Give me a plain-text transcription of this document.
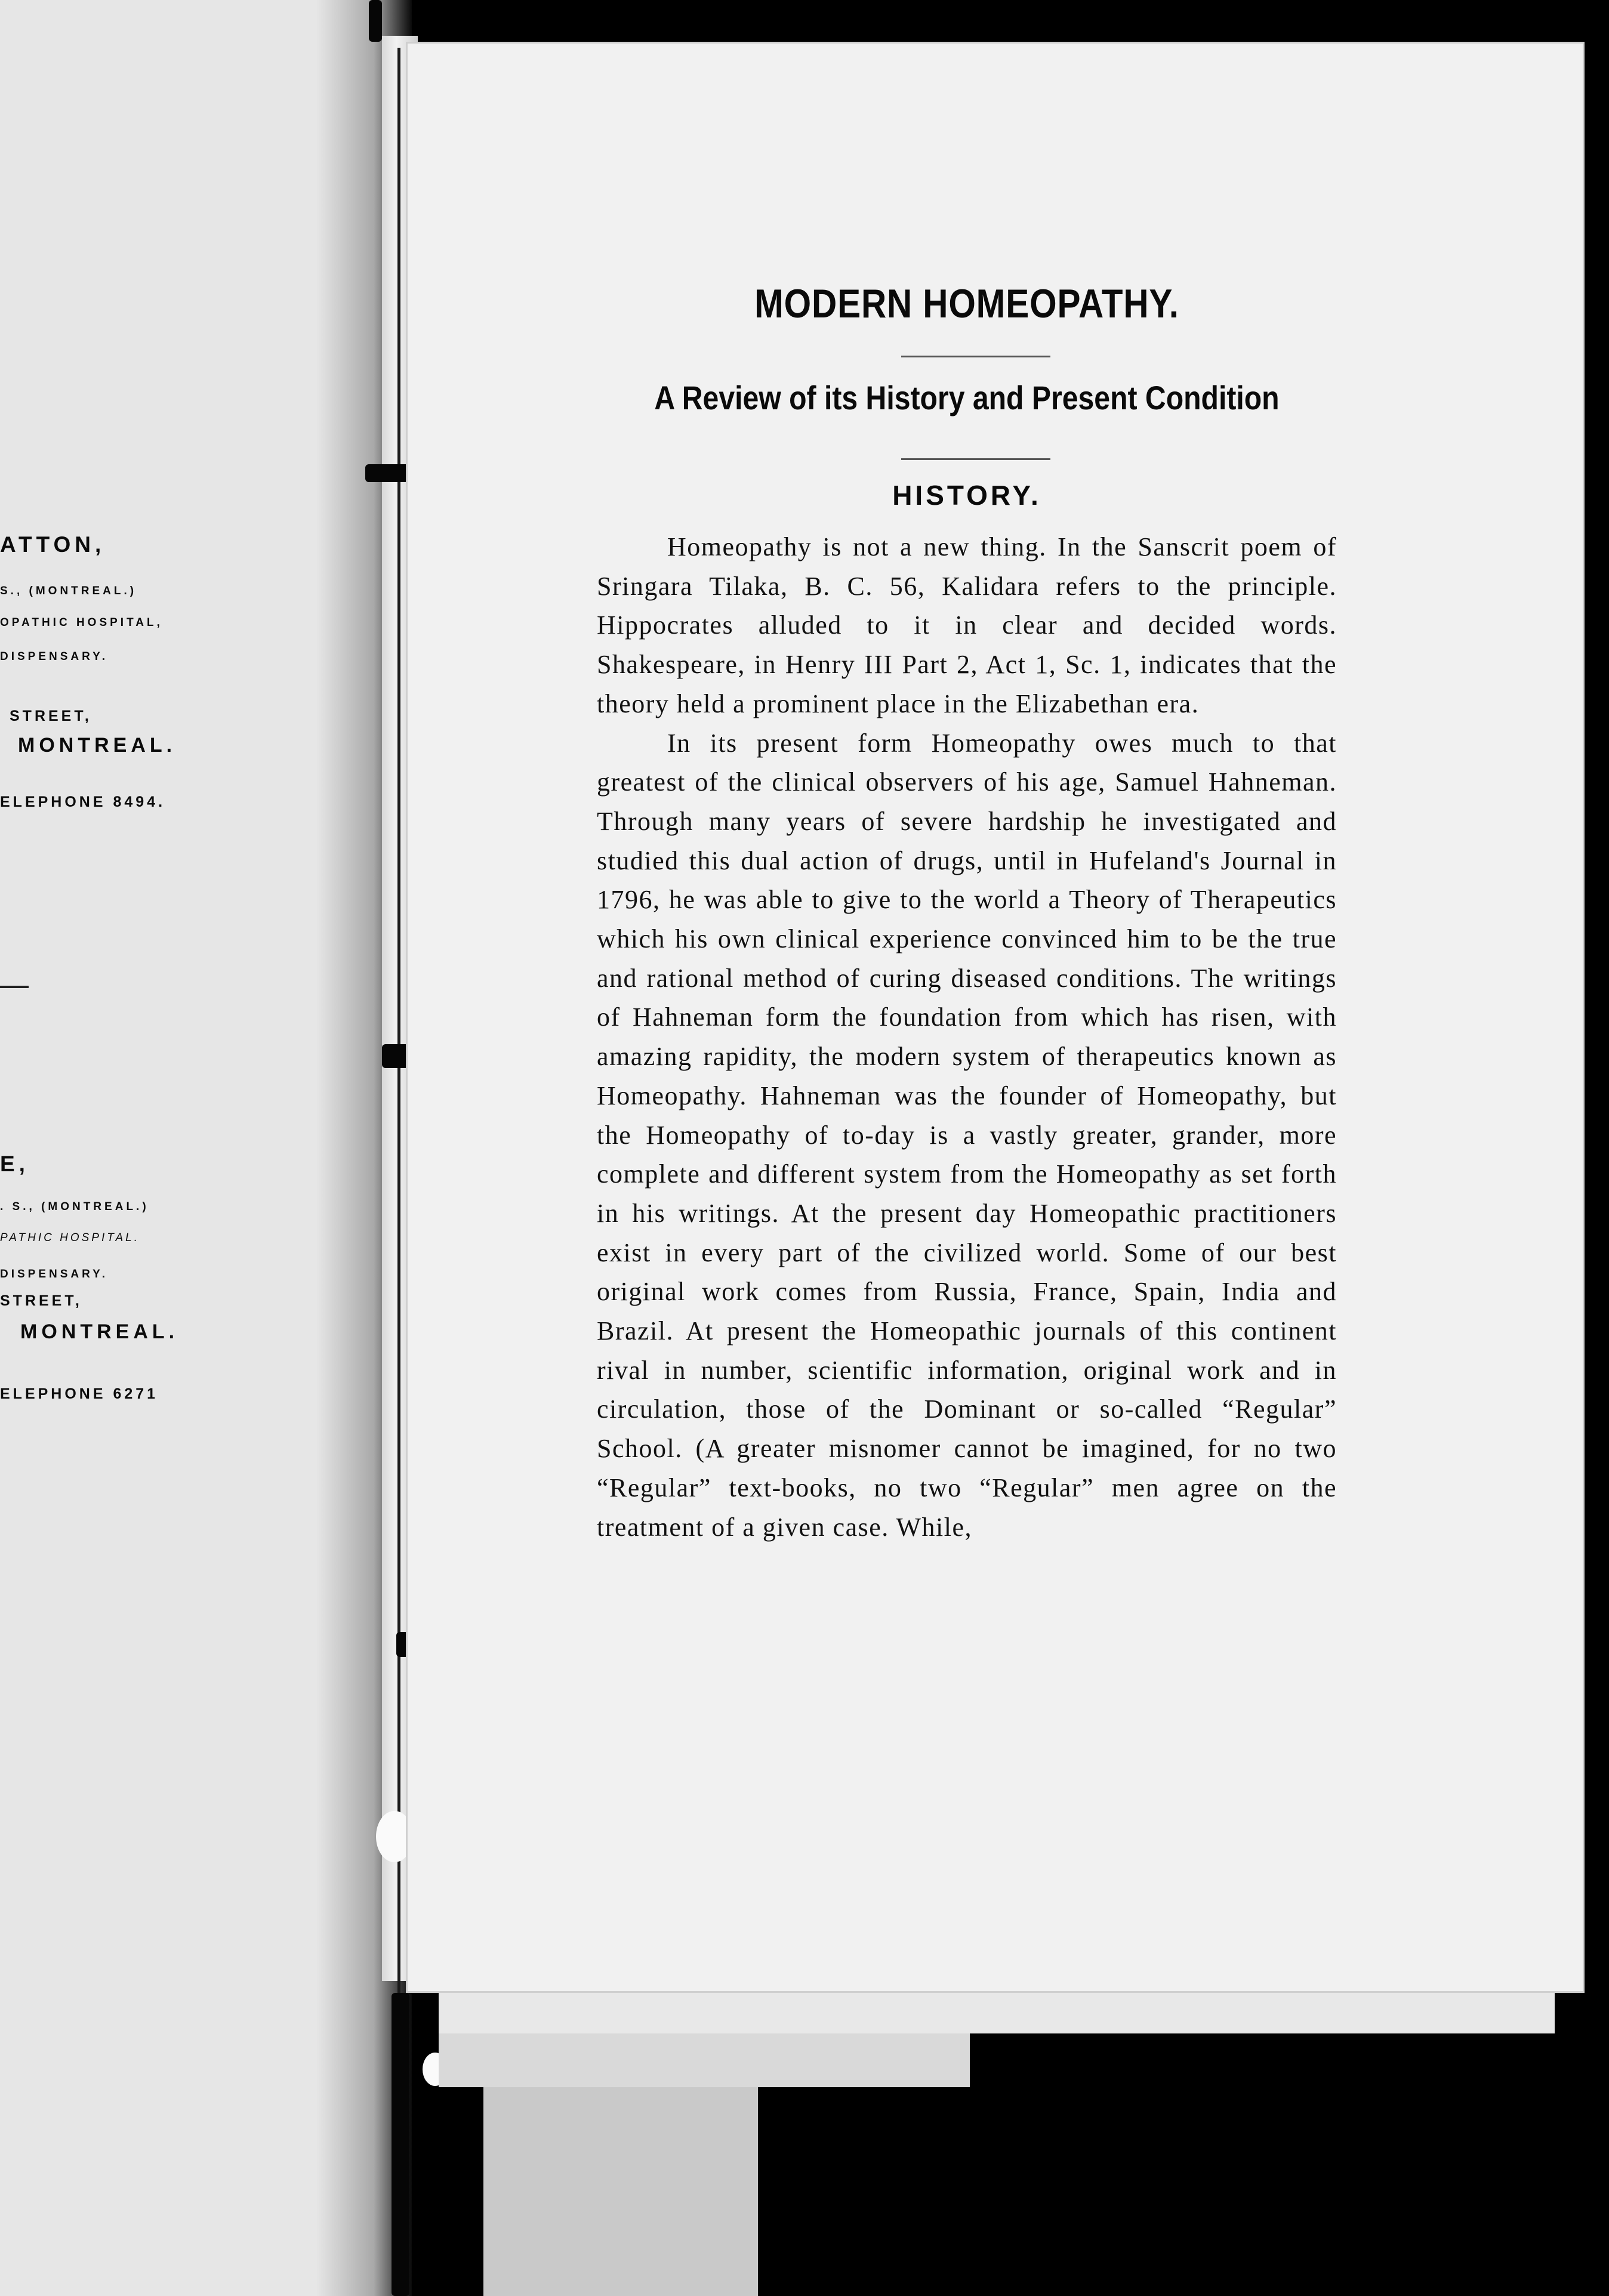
ATTON,
S., (MONTREAL.)
OPATHIC HOSPITAL,
DISPENSARY.
STREET,
MONTREAL.
ELEPHONE 8494.
E,
. S., (MONTREAL.)
PATHIC HOSPITAL.
DISPENSARY.
STREET,
MONTREAL.
ELEPHONE 6271
MODERN HOMEOPATHY.
A Review of its History and Present Condition
HISTORY.

Homeopathy is not a new thing. In the Sanscrit poem of Sringara Tilaka, B. C. 56, Kalidara refers to the principle. Hippocrates alluded to it in clear and decided words. Shakespeare, in Henry III Part 2, Act 1, Sc. 1, indicates that the theory held a prominent place in the Elizabethan era.

In its present form Homeopathy owes much to that greatest of the clinical observers of his age, Samuel Hahneman. Through many years of severe hardship he investigated and studied this dual action of drugs, until in Hufeland's Journal in 1796, he was able to give to the world a Theory of Therapeutics which his own clinical experience convinced him to be the true and rational method of curing diseased conditions. The writings of Hahneman form the foundation from which has risen, with amazing rapidity, the modern system of therapeutics known as Homeopathy. Hahneman was the founder of Homeopathy, but the Homeopathy of to-day is a vastly greater, grander, more complete and different system from the Homeopathy as set forth in his writings. At the present day Homeopathic practitioners exist in every part of the civilized world. Some of our best original work comes from Russia, France, Spain, India and Brazil. At present the Homeopathic journals of this continent rival in number, scientific information, original work and in circulation, those of the Dominant or so-called “Regular” School. (A greater misnomer cannot be imagined, for no two “Regular” text-books, no two “Regular” men agree on the treatment of a given case. While,
